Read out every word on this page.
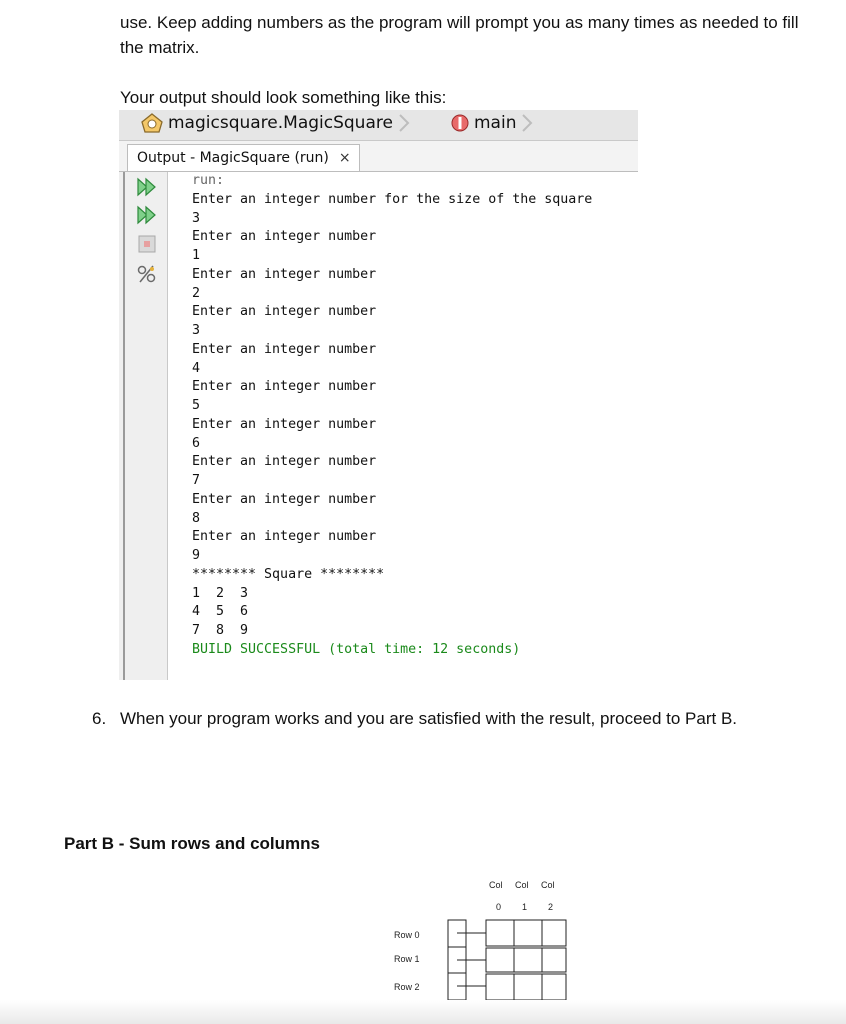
use. Keep adding numbers as the program will prompt you as many times as needed to fill the matrix.
Your output should look something like this:
magicsquare.MagicSquare	main
Output - MagicSquare (run) ×
run:
Enter an integer number for the size of the square
3
Enter an integer number
1
Enter an integer number
2
Enter an integer number
3
Enter an integer number
4
Enter an integer number
5
Enter an integer number
6
Enter an integer number
7
Enter an integer number
8
Enter an integer number
9
******** Square ********
1  2  3
4  5  6
7  8  9
BUILD SUCCESSFUL (total time: 12 seconds)
6. When your program works and you are satisfied with the result, proceed to Part B.
Part B - Sum rows and columns
Col Col Col
0 1 2
Row 0
Row 1
Row 2
